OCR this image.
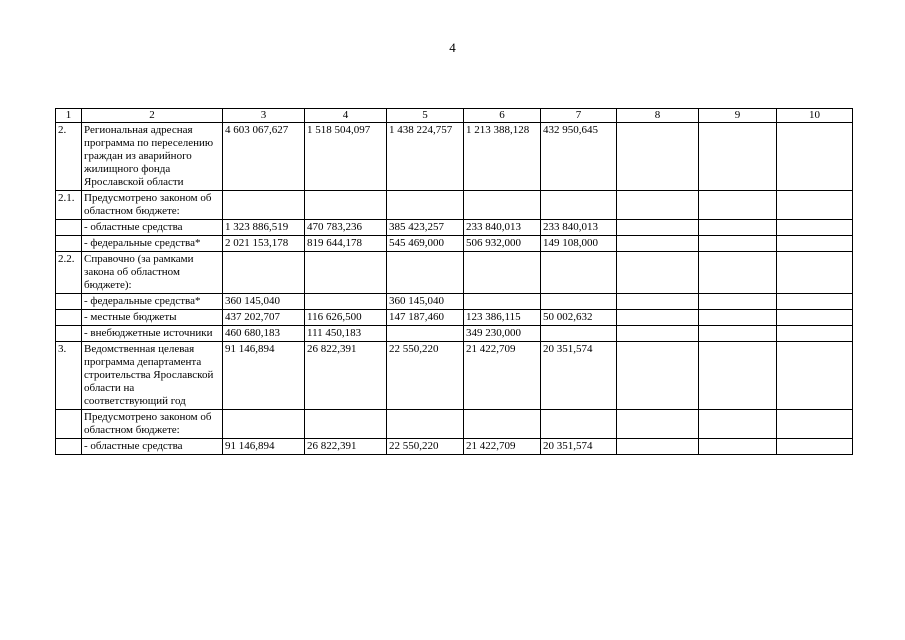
4
1	2	3	4	5	6	7	8	9	10
2.	Региональная адресная программа по переселению граждан из аварийного жилищного фонда Ярославской области	4 603 067,627	1 518 504,097	1 438 224,757	1 213 388,128	432 950,645			
2.1.	Предусмотрено законом об областном бюджете:								
	- областные средства	1 323 886,519	470 783,236	385 423,257	233 840,013	233 840,013			
	- федеральные средства*	2 021 153,178	819 644,178	545 469,000	506 932,000	149 108,000			
2.2.	Справочно (за рамками закона об областном бюджете):								
	- федеральные средства*	360 145,040		360 145,040					
	- местные бюджеты	437 202,707	116 626,500	147 187,460	123 386,115	50 002,632			
	- внебюджетные источники	460 680,183	111 450,183		349 230,000				
3.	Ведомственная целевая программа департамента строительства Ярославской области на соответствующий год	91 146,894	26 822,391	22 550,220	21 422,709	20 351,574			
	Предусмотрено законом об областном бюджете:								
	- областные средства	91 146,894	26 822,391	22 550,220	21 422,709	20 351,574			
